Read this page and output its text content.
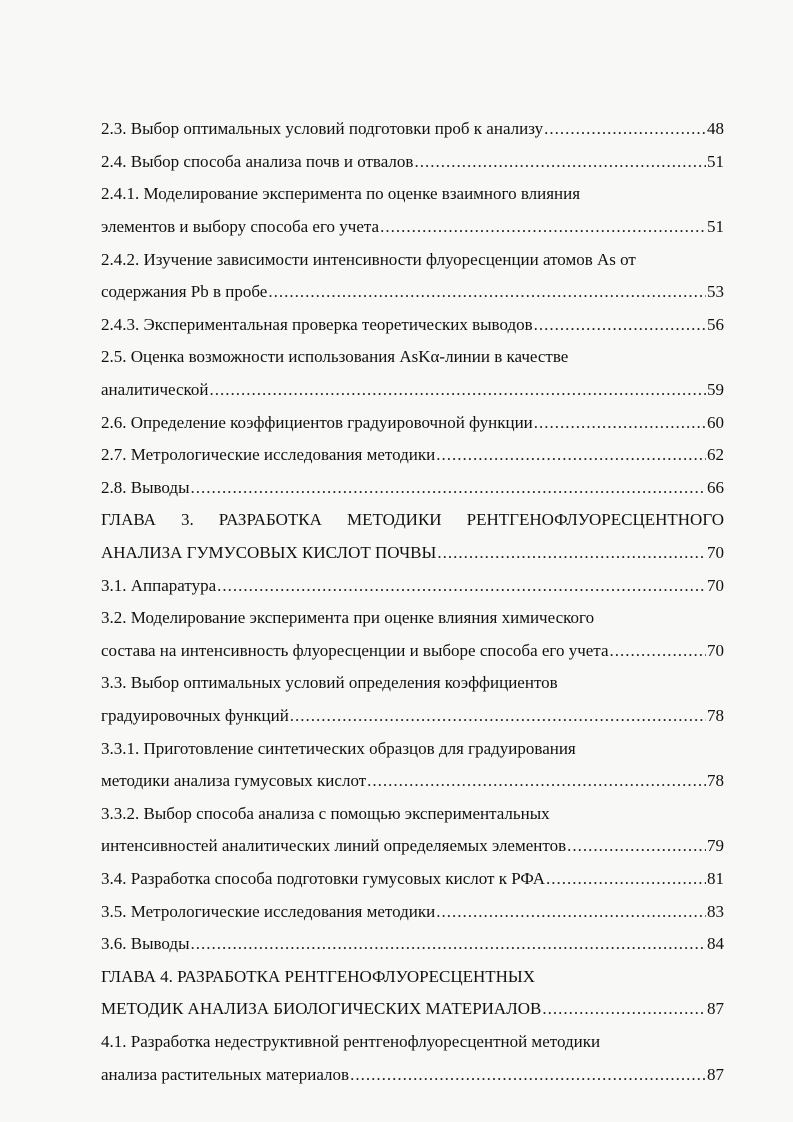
2.3. Выбор оптимальных условий подготовки проб к анализу .....	48
2.4. Выбор способа анализа почв и отвалов .....	51
2.4.1. Моделирование эксперимента по оценке взаимного влияния
элементов и выбору способа его учета .....	51
2.4.2. Изучение зависимости интенсивности флуоресценции атомов As от
содержания Pb в пробе .....	53
2.4.3. Экспериментальная проверка теоретических выводов .....	56
2.5. Оценка возможности использования AsKα-линии в качестве
аналитической .....	59
2.6. Определение коэффициентов градуировочной функции .....	60
2.7. Метрологические исследования методики .....	62
2.8. Выводы .....	66
ГЛАВА 3. РАЗРАБОТКА МЕТОДИКИ РЕНТГЕНОФЛУОРЕСЦЕНТНОГО
АНАЛИЗА ГУМУСОВЫХ КИСЛОТ ПОЧВЫ .....	70
3.1. Аппаратура .....	70
3.2. Моделирование эксперимента при оценке влияния химического
состава на интенсивность флуоресценции и выборе способа его учета .....	70
3.3. Выбор оптимальных условий определения коэффициентов
градуировочных функций .....	78
3.3.1. Приготовление синтетических образцов для градуирования
методики анализа гумусовых кислот .....	78
3.3.2. Выбор способа анализа с помощью экспериментальных
интенсивностей аналитических линий определяемых элементов .....	79
3.4. Разработка способа подготовки гумусовых кислот к РФА .....	81
3.5. Метрологические исследования методики .....	83
3.6. Выводы .....	84
ГЛАВА 4. РАЗРАБОТКА РЕНТГЕНОФЛУОРЕСЦЕНТНЫХ
МЕТОДИК АНАЛИЗА БИОЛОГИЧЕСКИХ МАТЕРИАЛОВ .....	87
4.1. Разработка недеструктивной рентгенофлуоресцентной методики
анализа растительных материалов .....	87
